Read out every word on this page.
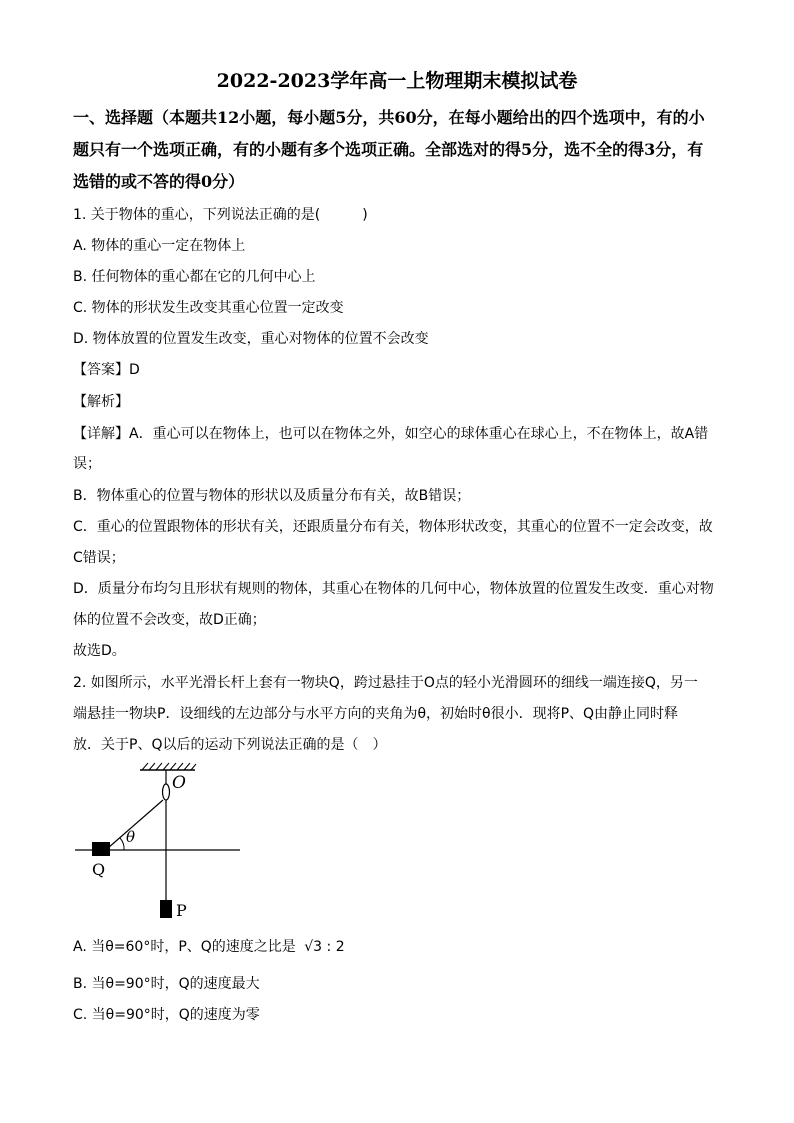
2022-2023学年高一上物理期末模拟试卷
一、选择题（本题共12小题，每小题5分，共60分，在每小题给出的四个选项中，有的小
题只有一个选项正确，有的小题有多个选项正确。全部选对的得5分，选不全的得3分，有
选错的或不答的得0分）
1. 关于物体的重心，下列说法正确的是(　　　)
A. 物体的重心一定在物体上
B. 任何物体的重心都在它的几何中心上
C. 物体的形状发生改变其重心位置一定改变
D. 物体放置的位置发生改变，重心对物体的位置不会改变
【答案】D
【解析】
【详解】A．重心可以在物体上，也可以在物体之外，如空心的球体重心在球心上，不在物体上，故A错
误；
B．物体重心的位置与物体的形状以及质量分布有关，故B错误；
C．重心的位置跟物体的形状有关，还跟质量分布有关，物体形状改变，其重心的位置不一定会改变，故
C错误；
D．质量分布均匀且形状有规则的物体，其重心在物体的几何中心，物体放置的位置发生改变．重心对物
体的位置不会改变，故D正确；
故选D。
2. 如图所示，水平光滑长杆上套有一物块Q，跨过悬挂于O点的轻小光滑圆环的细线一端连接Q，另一
端悬挂一物块P．设细线的左边部分与水平方向的夹角为θ，初始时θ很小．现将P、Q由静止同时释
放．关于P、Q以后的运动下列说法正确的是（　）
O
θ
Q
P
A. 当θ=60°时，P、Q的速度之比是 √3 : 2
B. 当θ=90°时，Q的速度最大
C. 当θ=90°时，Q的速度为零
